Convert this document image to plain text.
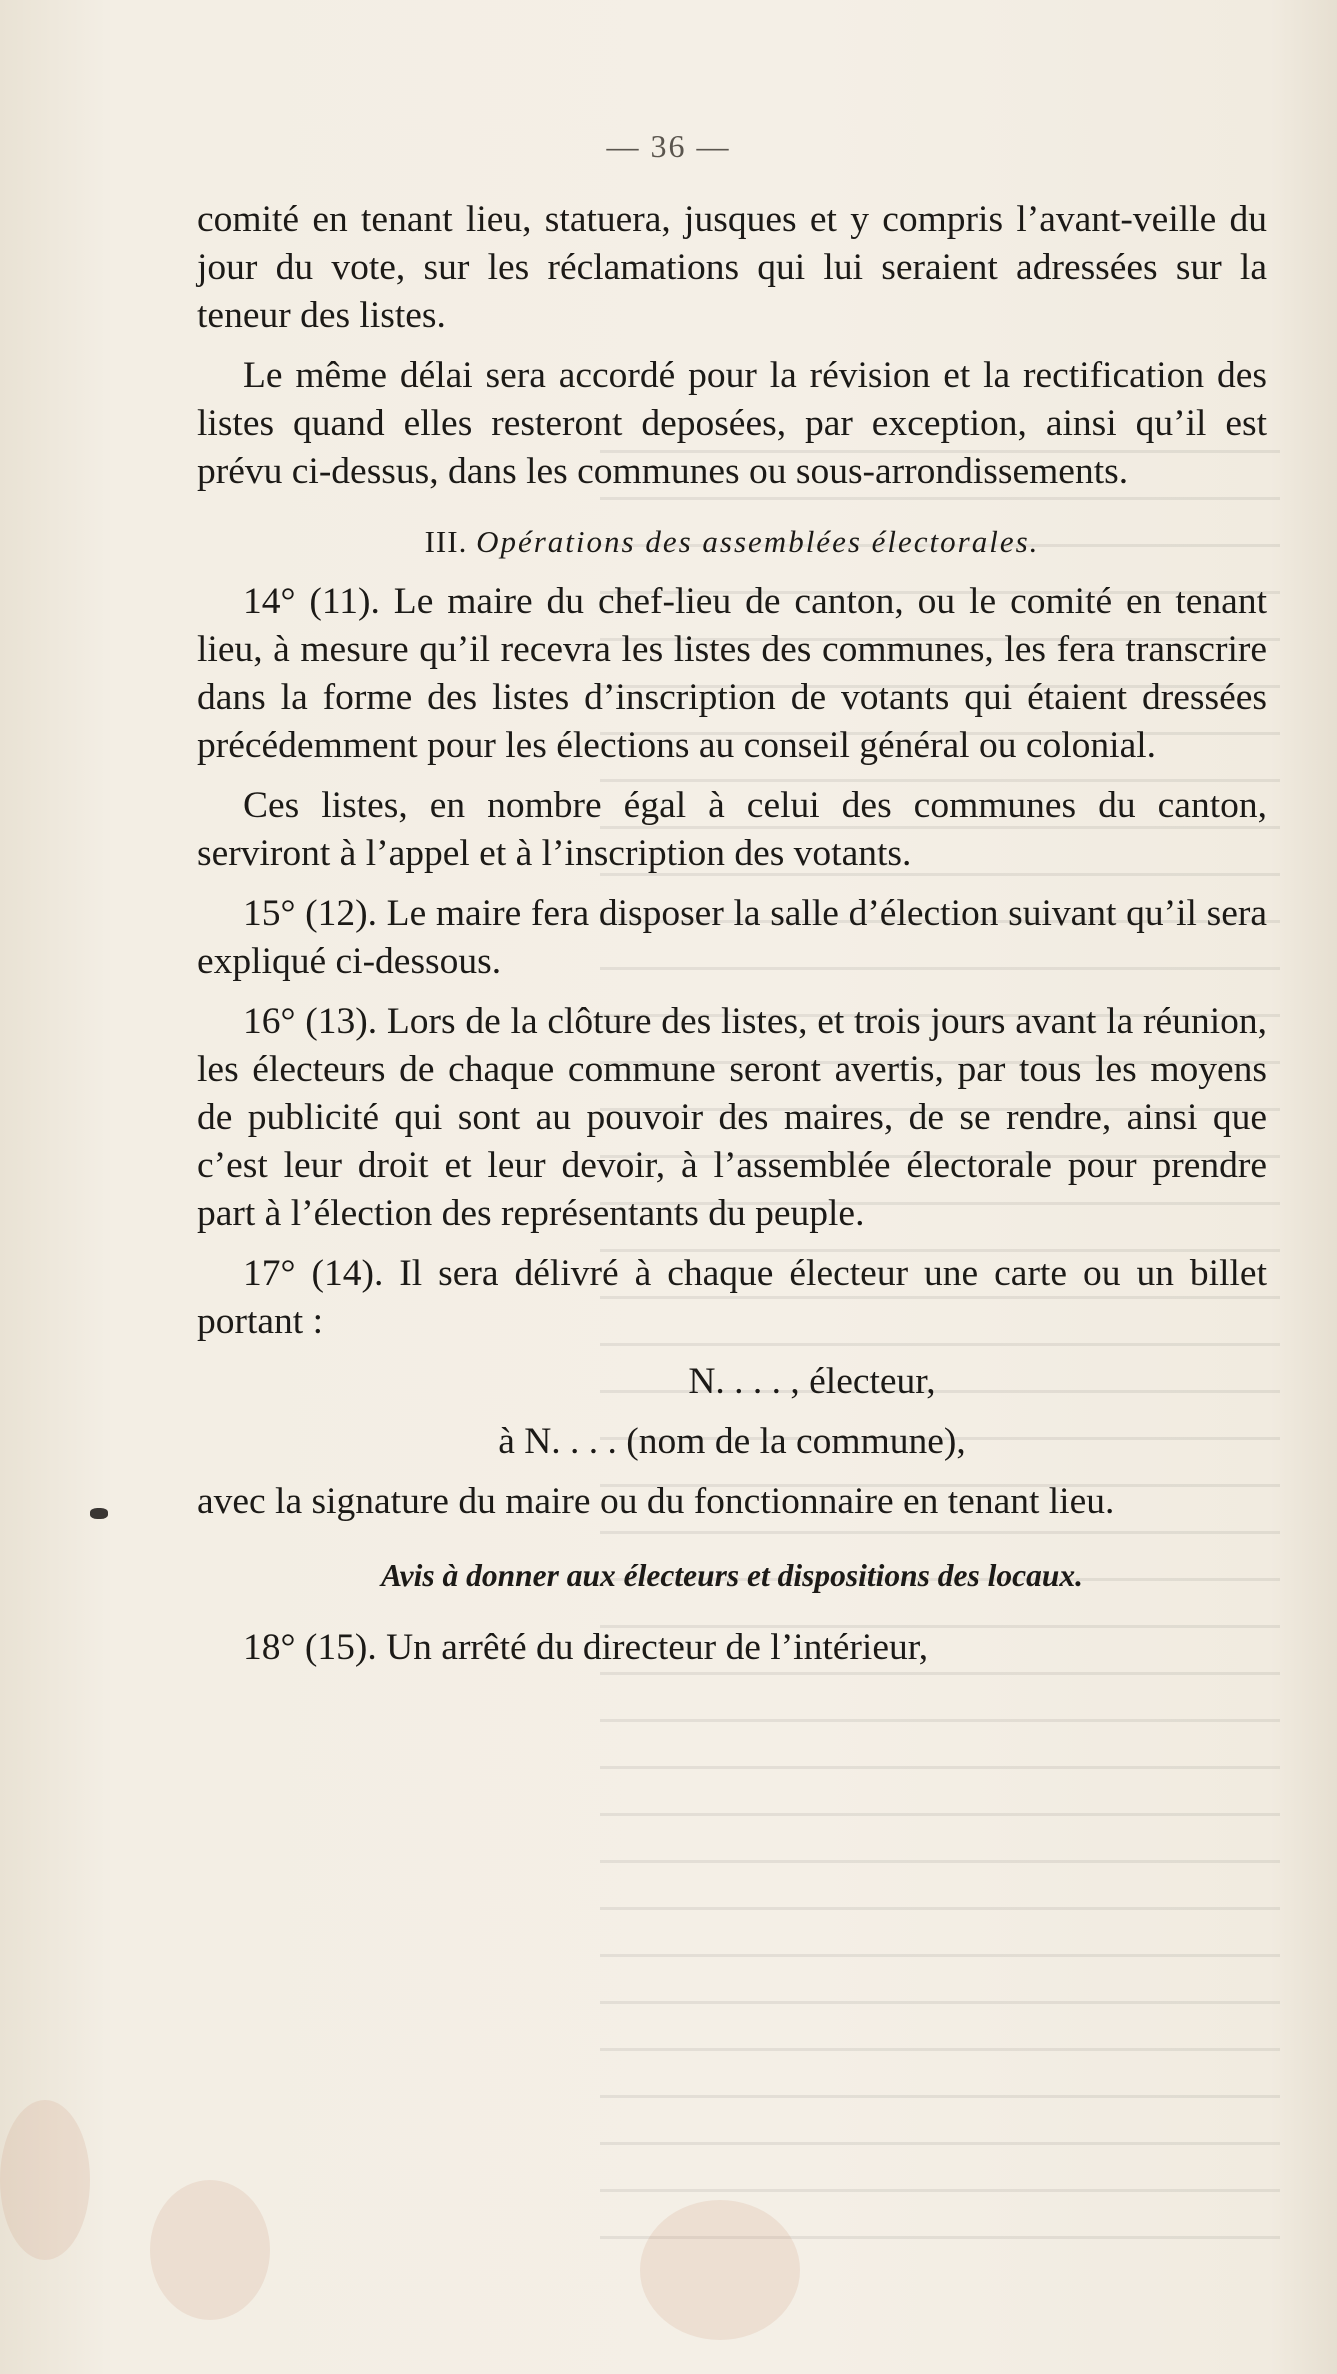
— 36 —

comité en tenant lieu, statuera, jusques et y compris l’avant-veille du jour du vote, sur les réclamations qui lui seraient adressées sur la teneur des listes.

Le même délai sera accordé pour la révision et la rectification des listes quand elles resteront deposées, par exception, ainsi qu’il est prévu ci-dessus, dans les communes ou sous-arrondissements.

III. Opérations des assemblées électorales.

14° (11). Le maire du chef-lieu de canton, ou le comité en tenant lieu, à mesure qu’il recevra les listes des communes, les fera transcrire dans la forme des listes d’inscription de votants qui étaient dressées précédemment pour les élections au conseil général ou colonial.

Ces listes, en nombre égal à celui des communes du canton, serviront à l’appel et à l’inscription des votants.

15° (12). Le maire fera disposer la salle d’élection suivant qu’il sera expliqué ci-dessous.

16° (13). Lors de la clôture des listes, et trois jours avant la réunion, les électeurs de chaque commune seront avertis, par tous les moyens de publicité qui sont au pouvoir des maires, de se rendre, ainsi que c’est leur droit et leur devoir, à l’assemblée électorale pour prendre part à l’élection des représentants du peuple.

17° (14). Il sera délivré à chaque électeur une carte ou un billet portant :

N. . . . , électeur,

à N. . . . (nom de la commune),

avec la signature du maire ou du fonctionnaire en tenant lieu.

Avis à donner aux électeurs et dispositions des locaux.

18° (15). Un arrêté du directeur de l’intérieur,
